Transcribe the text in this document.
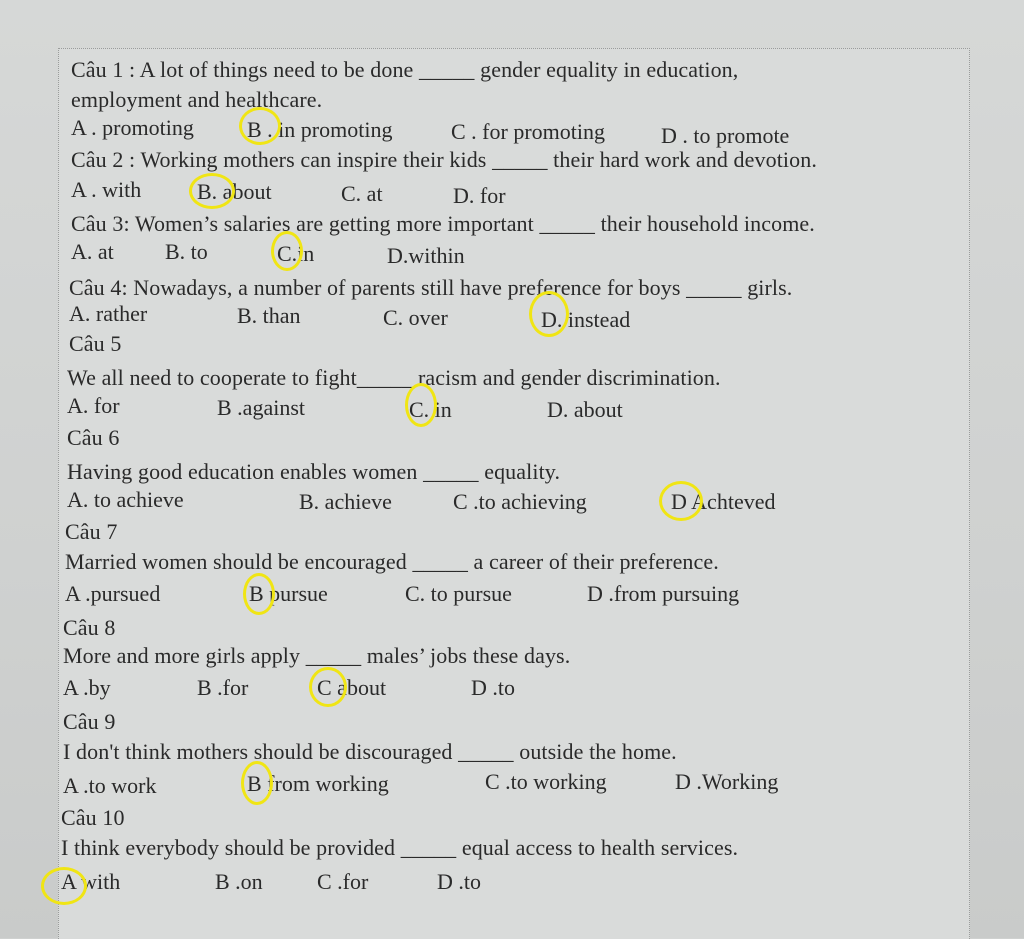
Câu 1 : A lot of things need to be done _____ gender equality in education,
employment and healthcare.
A . promoting B . in promoting	C . for promoting	D . to promote
Câu 2 : Working mothers can inspire their kids _____ their hard work and devotion.
A . with	B. about	C. at	D. for
Câu 3: Women’s salaries are getting more important _____ their household income.
A. at B. to	C.in	D.within
Câu 4: Nowadays, a number of parents still have preference for boys _____ girls.
A. rather	B. than	C. over	D. instead
Câu 5
We all need to cooperate to fight_____ racism and gender discrimination.
A. for	B .against	C. in	D. about
Câu 6
Having good education enables women _____ equality.
A. to achieve	B. achieve	C .to achieving	D Achteved
Câu 7
Married women should be encouraged _____ a career of their preference.
A .pursued	B pursue	C. to pursue	D .from pursuing
Câu 8
More and more girls apply _____ males’ jobs these days.
A .by	B .for	C about	D .to
Câu 9
I don't think mothers should be discouraged _____ outside the home.
A .to work	B from working	C .to working	D .Working
Câu 10
I think everybody should be provided _____ equal access to health services.
A with	B .on C .for	D .to
